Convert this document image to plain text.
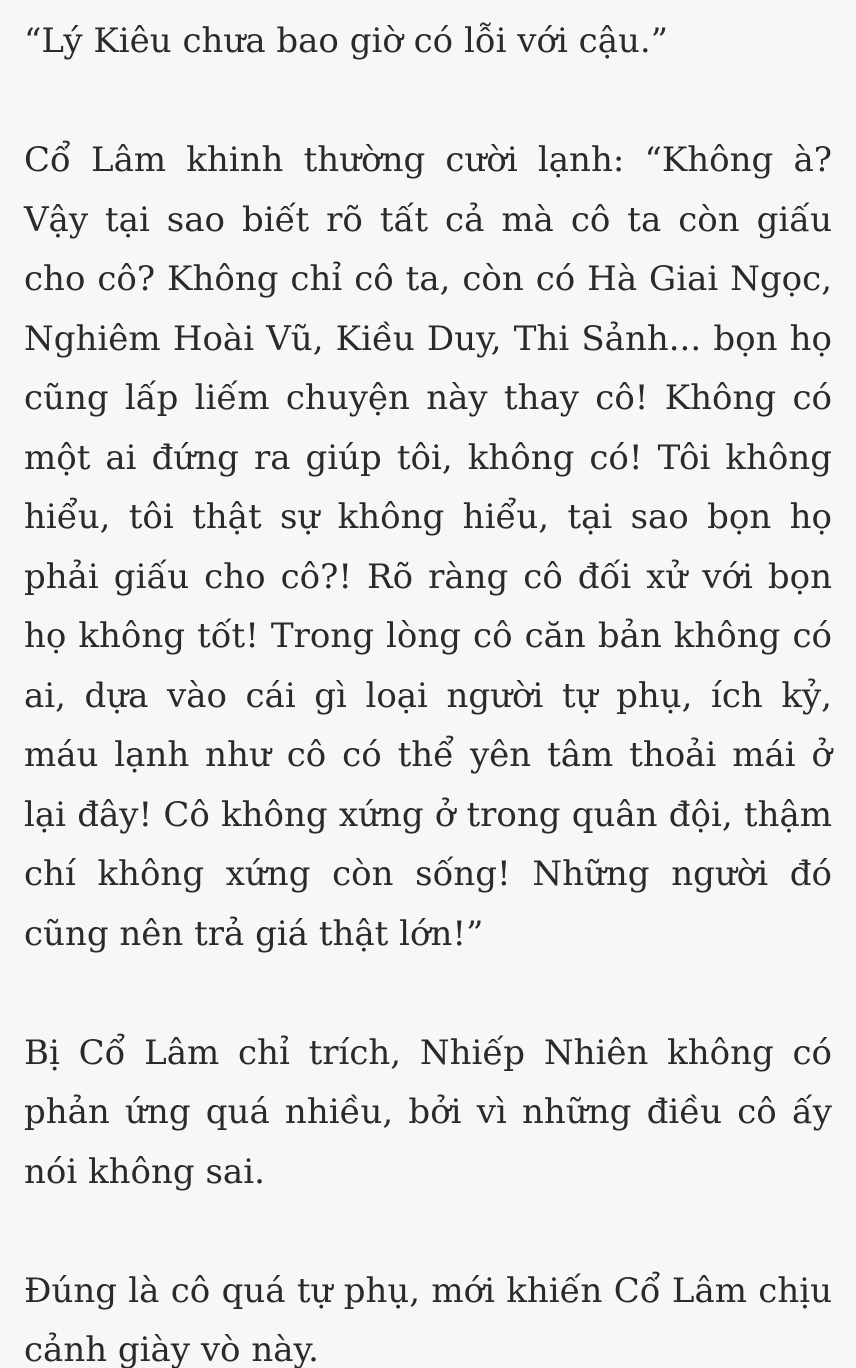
“Lý Kiêu chưa bao giờ có lỗi với cậu.”

Cổ Lâm khinh thường cười lạnh: “Không à? Vậy tại sao biết rõ tất cả mà cô ta còn giấu cho cô? Không chỉ cô ta, còn có Hà Giai Ngọc, Nghiêm Hoài Vũ, Kiều Duy, Thi Sảnh... bọn họ cũng lấp liếm chuyện này thay cô! Không có một ai đứng ra giúp tôi, không có! Tôi không hiểu, tôi thật sự không hiểu, tại sao bọn họ phải giấu cho cô?! Rõ ràng cô đối xử với bọn họ không tốt! Trong lòng cô căn bản không có ai, dựa vào cái gì loại người tự phụ, ích kỷ, máu lạnh như cô có thể yên tâm thoải mái ở lại đây! Cô không xứng ở trong quân đội, thậm chí không xứng còn sống! Những người đó cũng nên trả giá thật lớn!”

Bị Cổ Lâm chỉ trích, Nhiếp Nhiên không có phản ứng quá nhiều, bởi vì những điều cô ấy nói không sai.

Đúng là cô quá tự phụ, mới khiến Cổ Lâm chịu cảnh giày vò này.
